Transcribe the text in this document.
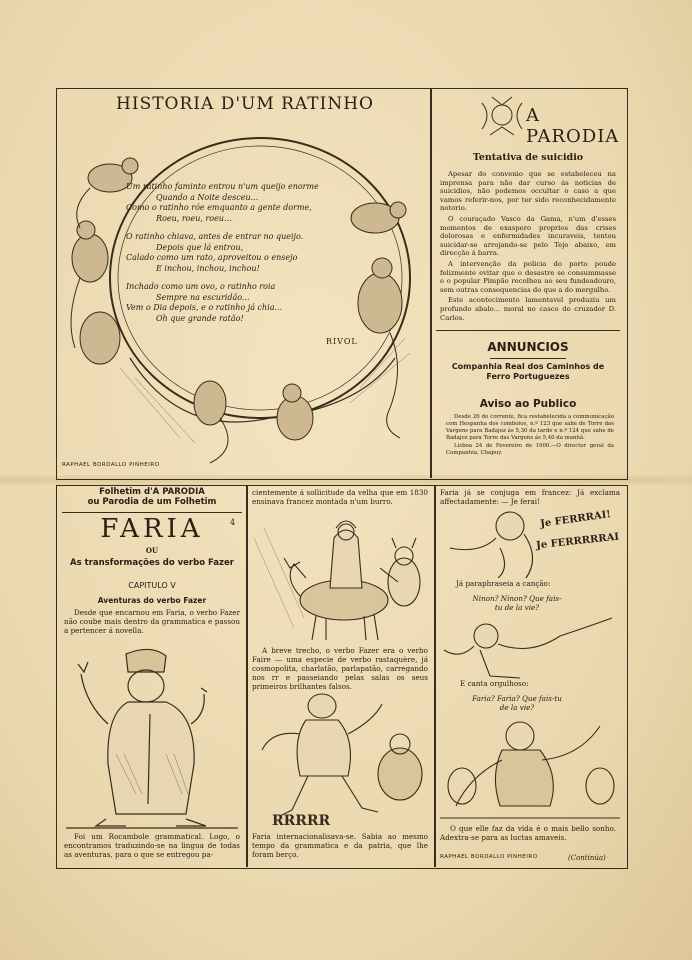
HISTORIA D'UM RATINHO
Um ratinho faminto entrou n'um queijo enorme
Quando a Noite desceu...
Como o ratinho róe emquanto a gente dorme,
Roeu, roeu, roeu...
O ratinho chiava, antes de entrar no queijo.
Depois que lá entrou,
Calado como um rato, aproveitou o ensejo
E inchou, inchou, inchou!
Inchado como um ovo, o ratinho roia
Sempre na escuridão...
Vem o Dia depois, e o ratinho já chia...
Oh que grande ratão!
RIVOL
RAPHAEL BORDALLO PINHEIRO
A PARODIA
Tentativa de suicidio

Apesar do convenio que se estabeleceu na imprensa para não dar curso ás noticias de suicidios, não podemos occultar o caso a que vamos referir-nos, por ter sido reconhecidamente notorio.

O couraçado Vasco da Gama, n'um d'esses momentos de exaspero proprios das crises dolorosas e enfermidades incuraveis, tentou suicidar-se arrojando-se pelo Tejo abaixo, em direcção á barra.

A intervenção da policia do porto poude felizmente evitar que o desastre se consummasse e o popular Pimpão recolheu ao seu fundeadouro, sem outras consequencias do que a do mergulho.

Este acontecimento lamentavel produziu um profundo abalo... moral no casco do cruzador D. Carlos.

ANNUNCIOS
Companhia Real dos Caminhos de Ferro Portuguezes
Aviso ao Publico

Desde 26 do corrente, fica restabelecida a communicação com Hespanha dos comboios, n.º 123 que sahe de Torre das Vargens para Badajoz ás 5,30 da tarde e n.º 124 que sahe de Badajoz para Torre das Vargens ás 5,40 da manhã.

Lisboa 24 de Fevereiro de 1900.—O director geral da Companhia, Chapuy.

Folhetim d'A PARODIA
ou Parodia de um Folhetim
FARIA	4
OU
As transformações do verbo Fazer
CAPITULO V
Aventuras do verbo Fazer

Desde que encarnou em Faria, o verbo Fazer não coube mais dentro da grammatica e passou a pertencer á novella.

Foi um Rocambole grammatical. Logo, o encontramos traduzindo-se na lingua de todas as aventuras, para o que se entregou pa-

cientemente á sollicitude da velha que em 1830 ensinava francez montada n'um burro.

A breve trecho, o verbo Fazer era o verbo Faire — uma especie de verbo rastaquère, já cosmopolita, charlatão, parlapatão, carregando nos rr e passeiando pelas salas os seus primeiros brilhantes falsos.

RRRRR

Faria internacionalisava-se. Sabia ao mesmo tempo da grammatica e da patria, que lhe foram berço.

Faria já se conjuga em francez: Já exclama affectadamente: — Je ferai!

Je FERRRAI!
Je FERRRRRAI
Já paraphraseia a canção:
Ninon? Ninon? Que fais-tu de la vie?
E canta orgulhoso:
Faria? Faria? Que fais-tu de la vie?

O que elle faz da vida é o mais bello sonho. Adextra-se para as luctas amaveis.

RAPHAEL BORDALLO PINHEIRO	(Continúa)
